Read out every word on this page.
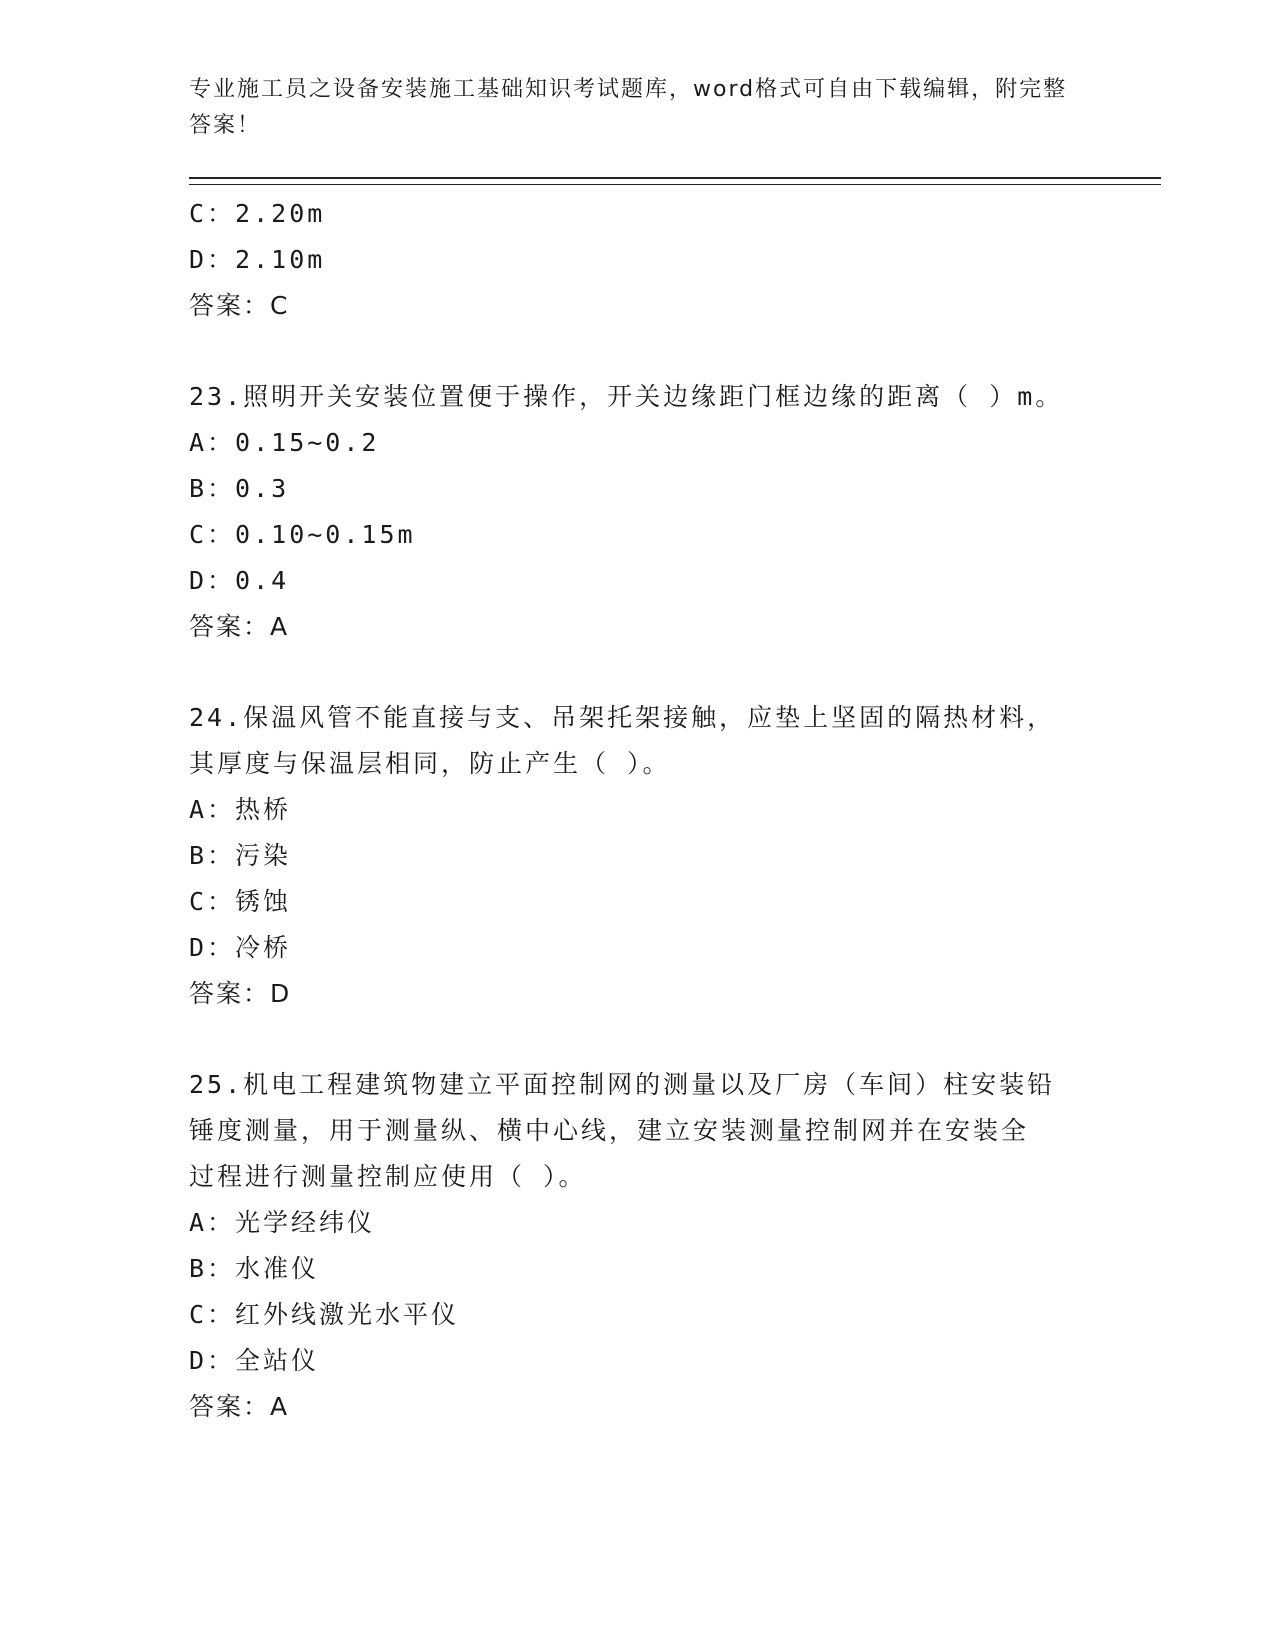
专业施工员之设备安装施工基础知识考试题库，word格式可自由下载编辑，附完整答案！
C：2.20m
D：2.10m
答案：C
23.照明开关安装位置便于操作，开关边缘距门框边缘的距离（ ）m。
A：0.15~0.2
B：0.3
C：0.10~0.15m
D：0.4
答案：A
24.保温风管不能直接与支、吊架托架接触，应垫上坚固的隔热材料，
其厚度与保温层相同，防止产生（ ）。
A：热桥
B：污染
C：锈蚀
D：冷桥
答案：D
25.机电工程建筑物建立平面控制网的测量以及厂房（车间）柱安装铅
锤度测量，用于测量纵、横中心线，建立安装测量控制网并在安装全
过程进行测量控制应使用（ ）。
A：光学经纬仪
B：水准仪
C：红外线激光水平仪
D：全站仪
答案：A
